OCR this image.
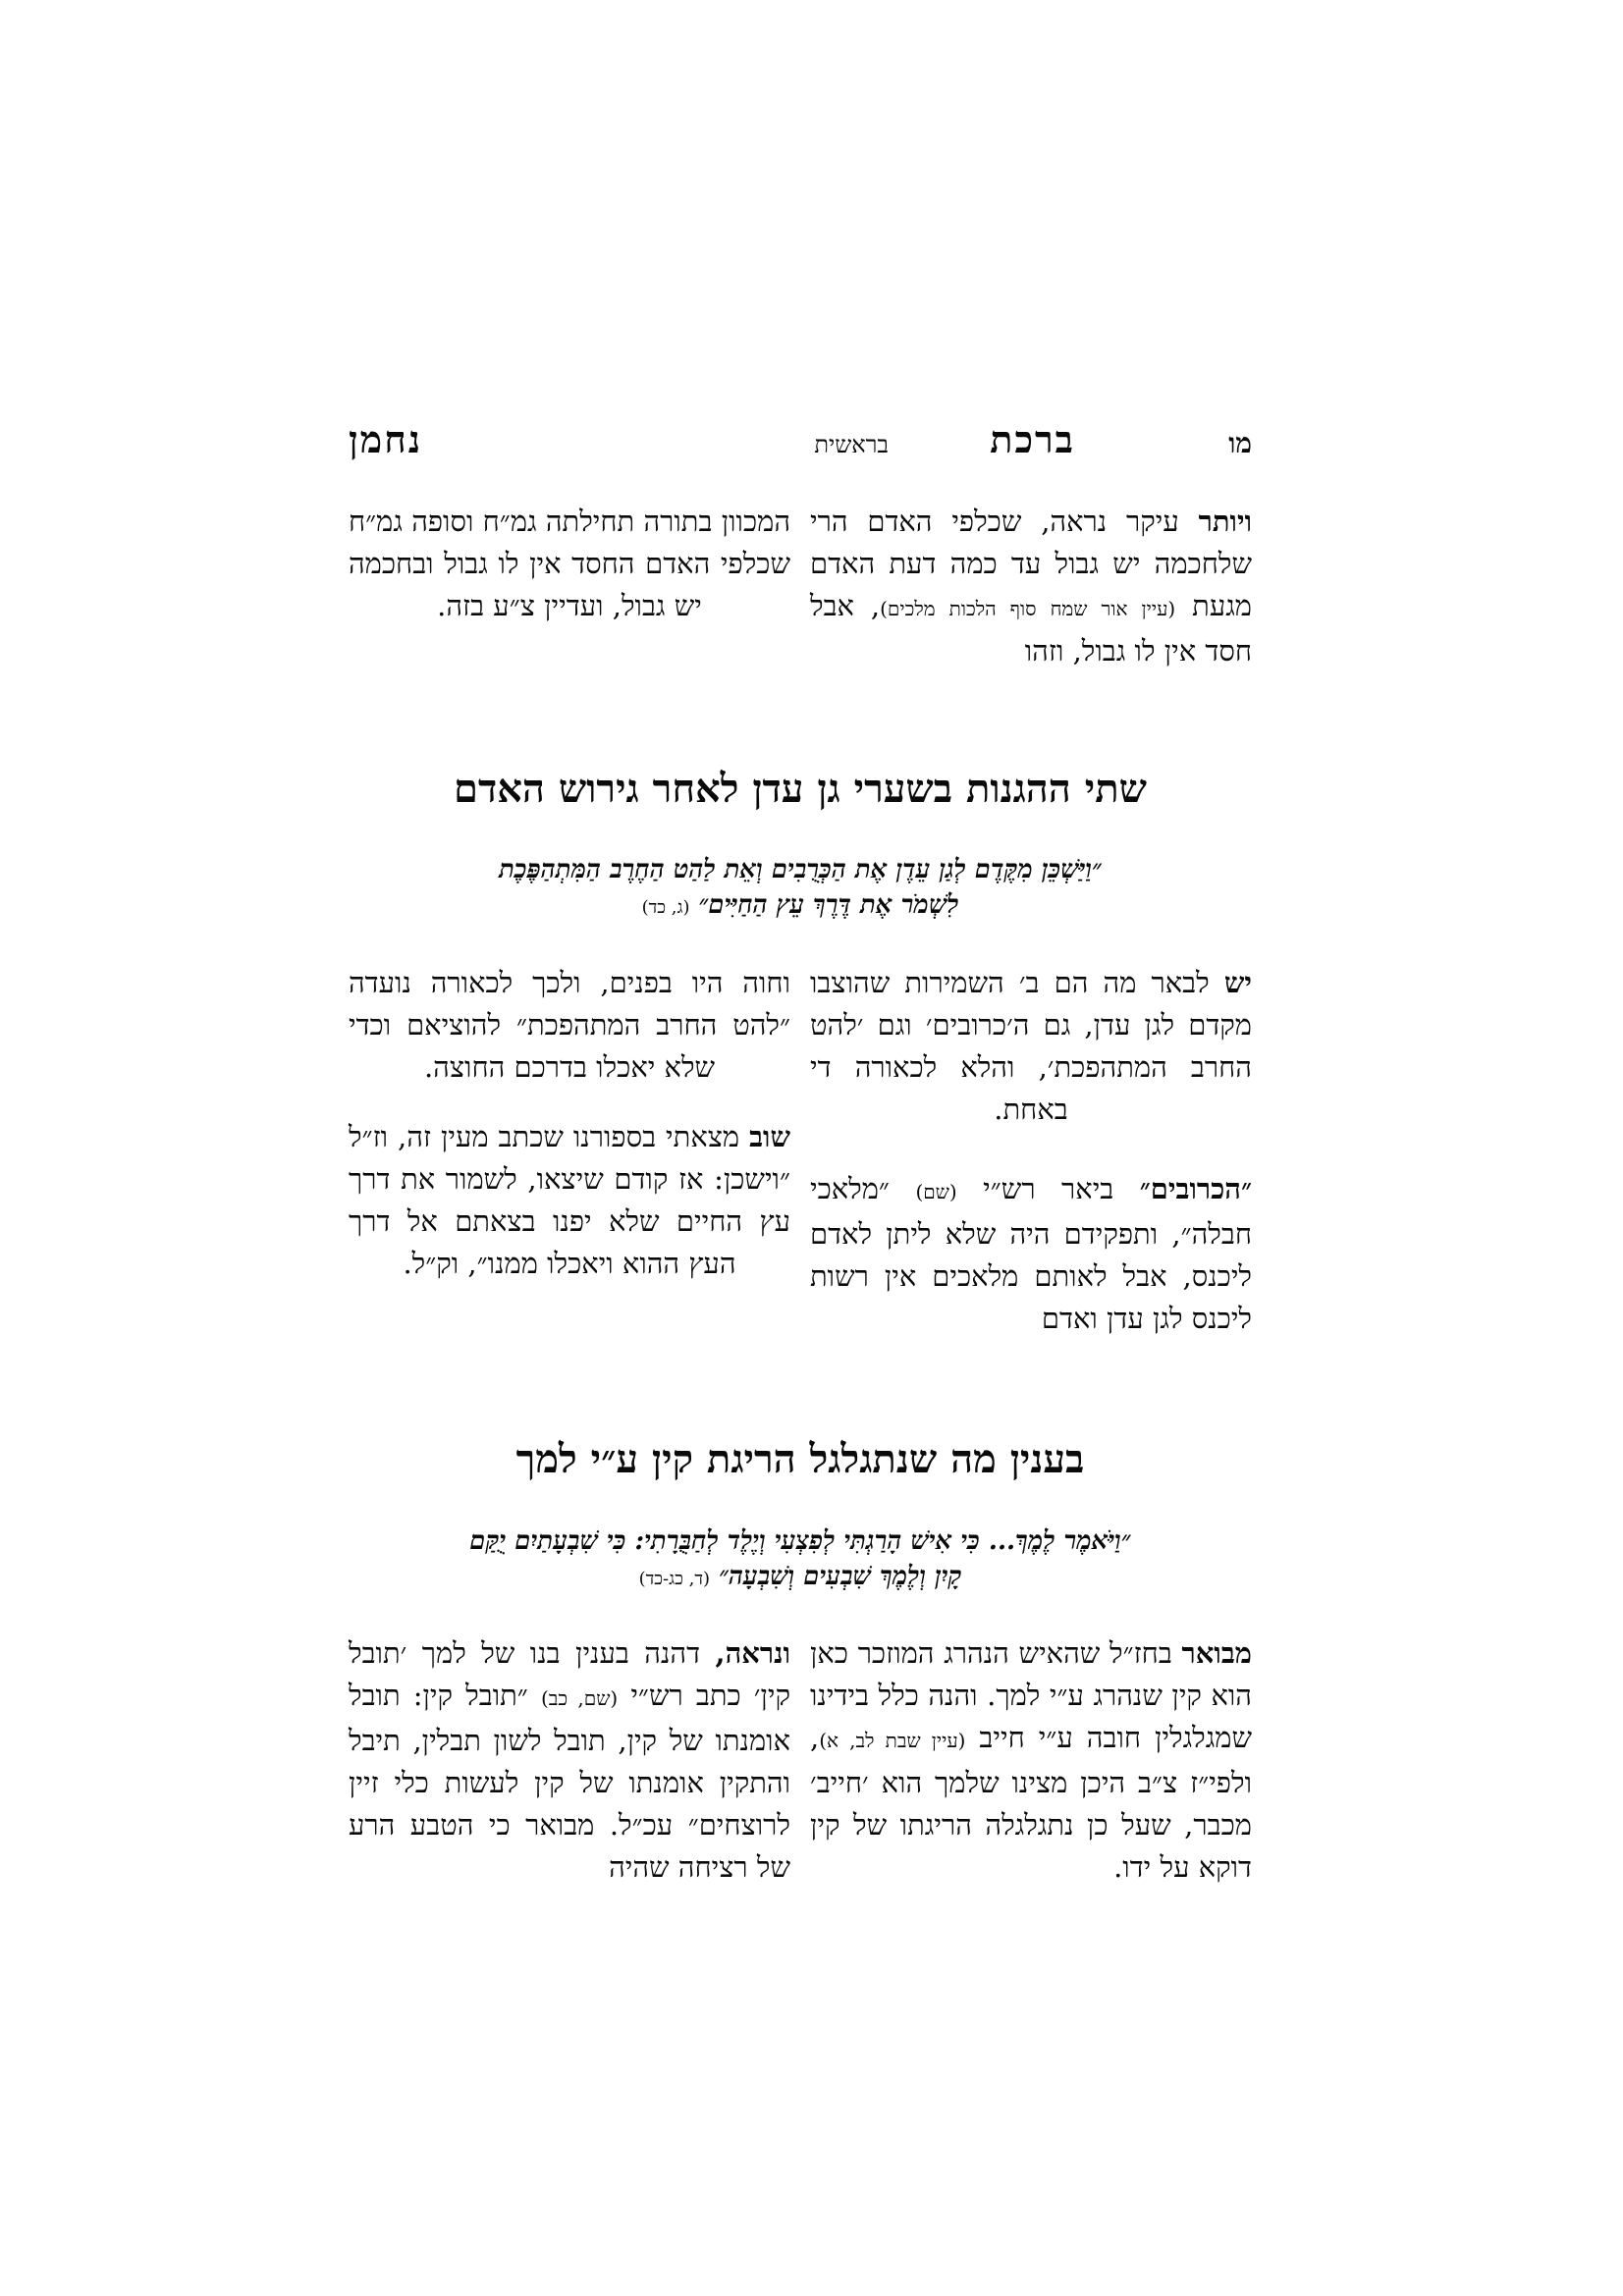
מו
ברכת
בראשית
נחמן

ויותר עיקר נראה, שכלפי האדם הרי שלחכמה יש גבול עד כמה דעת האדם מגעת (עיין אור שמח סוף הלכות מלכים), אבל חסד אין לו גבול, וזהו

המכוון בתורה תחילתה גמ״ח וסופה גמ״ח שכלפי האדם החסד אין לו גבול ובחכמה יש גבול, ועדיין צ״ע בזה.

שתי ההגנות בשערי גן עדן לאחר גירוש האדם
״וַיַּשְׁכֵּן מִקֶּדֶם לְגַן עֵדֶן אֶת הַכְּרֻבִים וְאֵת לַהַט הַחֶרֶב הַמִּתְהַפֶּכֶת
לִשְׁמֹר אֶת דֶּרֶךְ עֵץ הַחַיִּים״ (ג, כד)

יש לבאר מה הם ב׳ השמירות שהוצבו מקדם לגן עדן, גם ה׳כרובים׳ וגם ׳להט החרב המתהפכת׳, והלא לכאורה די באחת.

״הכרובים״ ביאר רש״י (שם) ״מלאכי חבלה״, ותפקידם היה שלא ליתן לאדם ליכנס, אבל לאותם מלאכים אין רשות ליכנס לגן עדן ואדם

וחוה היו בפנים, ולכך לכאורה נועדה ״להט החרב המתהפכת״ להוציאם וכדי שלא יאכלו בדרכם החוצה.

שוב מצאתי בספורנו שכתב מעין זה, וז״ל ״וישכן: אז קודם שיצאו, לשמור את דרך עץ החיים שלא יפנו בצאתם אל דרך העץ ההוא ויאכלו ממנו״, וק״ל.

בענין מה שנתגלגל הריגת קין ע״י למך
״וַיֹּאמֶר לֶמֶךְ... כִּי אִישׁ הָרַגְתִּי לְפִצְעִי וְיֶלֶד לְחַבֻּרָתִי: כִּי שִׁבְעָתַיִם יֻקַּם
קָיִן וְלֶמֶךְ שִׁבְעִים וְשִׁבְעָה״ (ד, כג-כד)

מבואר בחז״ל שהאיש הנהרג המוזכר כאן הוא קין שנהרג ע״י למך. והנה כלל בידינו שמגלגלין חובה ע״י חייב (עיין שבת לב, א), ולפי״ז צ״ב היכן מצינו שלמך הוא ׳חייב׳ מכבר, שעל כן נתגלגלה הריגתו של קין דוקא על ידו.

ונראה, דהנה בענין בנו של למך ׳תובל קין׳ כתב רש״י (שם, כב) ״תובל קין: תובל אומנתו של קין, תובל לשון תבלין, תיבל והתקין אומנתו של קין לעשות כלי זיין לרוצחים״ עכ״ל. מבואר כי הטבע הרע של רציחה שהיה
